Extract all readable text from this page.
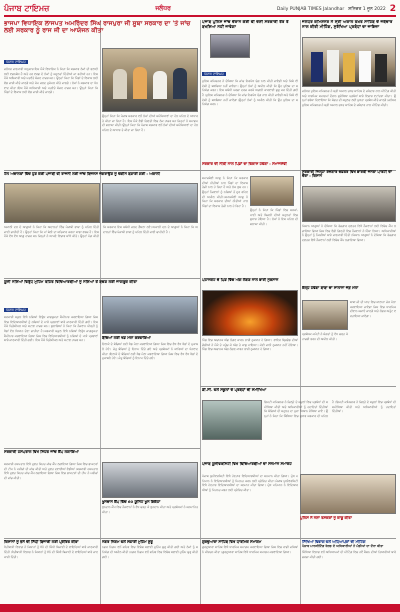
ਪੰਜਾਬ ਟਾਇਮਜ਼	ਜਲੰਧਰ	Daily PUNJAB TIMES Jalandhar ਸ਼ਨਿਚਰ 1 ਜੂਨ 2022 2
ਭਾਜਪਾ ਵਿਧਾਇਕ ਲਾਜਪਤ ਅਮਰਿੰਦਰ ਸਿੰਘ ਰਾਜਪੁਰਾ ਜੀ ਸੂਬਾ ਸਰਕਾਰ ਦਾ 'ਤੇ ਜਾਂਚ ਲਈ ਸਰਕਾਰ ਨੂੰ ਰਾਜ ਜੀ ਦਾ ਆਯੋਜਨ ਕੀਤਾ
ਪੰਜਾਬ ਟਾਇਮਜ਼
ਜਲੰਧਰ ਜਾਣਕਾਰੀ ਅਨੁਸਾਰ ਇਸ ਮੌਕੇ ਵਿਧਾਇਕ ਨੇ ਕਿਹਾ ਕਿ ਸਰਕਾਰ ਲੋਕਾਂ ਦੀ ਭਲਾਈ ਲਈ ਵਚਨਬੱਧ ਹੈ ਅਤੇ ਹਰ ਵਰਗ ਦੇ ਲੋਕਾਂ ਨੂੰ ਸਹੂਲਤਾਂ ਦਿੱਤੀਆਂ ਜਾ ਰਹੀਆਂ ਹਨ। ਇਸ ਮੌਕੇ ਅਧਿਕਾਰੀ ਅਤੇ ਪਤਵੰਤੇ ਸੱਜਣ ਹਾਜ਼ਰ ਸਨ। ਉਨ੍ਹਾਂ ਕਿਹਾ ਕਿ ਪਿੰਡਾਂ ਦੇ ਵਿਕਾਸ ਲਈ ਫੰਡ ਜਾਰੀ ਕੀਤੇ ਜਾਣਗੇ ਅਤੇ ਕੰਮ ਜਲਦ ਮੁਕੰਮਲ ਕੀਤੇ ਜਾਣਗੇ। ਲੋਕਾਂ ਨੇ ਸਰਕਾਰ ਦਾ ਧੰਨਵਾਦ ਕੀਤਾ।ਇਸ ਮੌਕੇ ਅਧਿਕਾਰੀ ਅਤੇ ਪਤਵੰਤੇ ਸੱਜਣ ਹਾਜ਼ਰ ਸਨ। ਉਨ੍ਹਾਂ ਕਿਹਾ ਕਿ ਪਿੰਡਾਂ ਦੇ ਵਿਕਾਸ ਲਈ ਫੰਡ ਜਾਰੀ ਕੀਤੇ ਜਾਣਗੇ।
ਉਨ੍ਹਾਂ ਕਿਹਾ ਕਿ ਪੰਜਾਬ ਸਰਕਾਰ ਵਲੋਂ ਲੋਕਾਂ ਦੀਆਂ ਸਮੱਸਿਆਵਾਂ ਦਾ ਹੱਲ ਪਹਿਲ ਦੇ ਆਧਾਰ ਤੇ ਕੀਤਾ ਜਾ ਰਿਹਾ ਹੈ। ਇਸ ਮੌਕੇ ਵੱਡੀ ਗਿਣਤੀ ਵਿਚ ਲੋਕ ਹਾਜ਼ਰ ਸਨ ਜਿਨ੍ਹਾਂ ਨੇ ਸਮਾਗਮ ਦੀ ਸ਼ਲਾਘਾ ਕੀਤੀ।ਉਨ੍ਹਾਂ ਕਿਹਾ ਕਿ ਪੰਜਾਬ ਸਰਕਾਰ ਵਲੋਂ ਲੋਕਾਂ ਦੀਆਂ ਸਮੱਸਿਆਵਾਂ ਦਾ ਹੱਲ ਪਹਿਲ ਦੇ ਆਧਾਰ ਤੇ ਕੀਤਾ ਜਾ ਰਿਹਾ ਹੈ।
ਪੰਜਾਬ ਪੁਲਿਸ ਜਾਂਚ ਦੌਰਾਨ ਕੋਈ ਵੀ ਦੋਸ਼ੀ ਸਰਕਾਰੀ ਤੌਰ ਤੇ ਬਖਸ਼ਿਆ ਨਹੀਂ ਜਾਵੇਗਾ
ਪੰਜਾਬ ਟਾਇਮਜ਼
ਪੁਲਿਸ ਕਮਿਸ਼ਨਰ ਨੇ ਦੱਸਿਆ ਕਿ ਜਾਂਚ ਨਿਰਪੱਖ ਢੰਗ ਨਾਲ ਕੀਤੀ ਜਾਵੇਗੀ ਅਤੇ ਕਿਸੇ ਵੀ ਦੋਸ਼ੀ ਨੂੰ ਬਖਸ਼ਿਆ ਨਹੀਂ ਜਾਵੇਗਾ। ਉਨ੍ਹਾਂ ਲੋਕਾਂ ਨੂੰ ਅਪੀਲ ਕੀਤੀ ਕਿ ਉਹ ਪੁਲਿਸ ਦਾ ਸਹਿਯੋਗ ਕਰਨ। ਇਸ ਸਬੰਧੀ ਪਰਚਾ ਦਰਜ ਕਰਕੇ ਅਗਲੀ ਕਾਰਵਾਈ ਸ਼ੁਰੂ ਕਰ ਦਿੱਤੀ ਗਈ ਹੈ।ਪੁਲਿਸ ਕਮਿਸ਼ਨਰ ਨੇ ਦੱਸਿਆ ਕਿ ਜਾਂਚ ਨਿਰਪੱਖ ਢੰਗ ਨਾਲ ਕੀਤੀ ਜਾਵੇਗੀ ਅਤੇ ਕਿਸੇ ਵੀ ਦੋਸ਼ੀ ਨੂੰ ਬਖਸ਼ਿਆ ਨਹੀਂ ਜਾਵੇਗਾ।ਉਨ੍ਹਾਂ ਲੋਕਾਂ ਨੂੰ ਅਪੀਲ ਕੀਤੀ ਕਿ ਉਹ ਪੁਲਿਸ ਦਾ ਸਹਿਯੋਗ ਕਰਨ।
ਜਲੰਧਰ ਕਮਿਸ਼ਨਰ ਨੇ ਸ੍ਰੀ ਅਕਾਲ ਤਖ਼ਤ ਸਾਹਿਬ ਦੇ ਜਥੇਦਾਰ ਨਾਲ ਕੀਤੀ ਮੀਟਿੰਗ, ਸੁਰੱਖਿਆ ਪ੍ਰਬੰਧਾਂ ਦਾ ਜਾਇਜ਼ਾ
ਜਲੰਧਰ ਪੁਲਿਸ ਕਮਿਸ਼ਨਰ ਨੇ ਸ੍ਰੀ ਅਕਾਲ ਤਖ਼ਤ ਸਾਹਿਬ ਦੇ ਜਥੇਦਾਰ ਨਾਲ ਮੀਟਿੰਗ ਕੀਤੀ ਅਤੇ ਧਾਰਮਿਕ ਸਮਾਗਮਾਂ ਦੌਰਾਨ ਸੁਰੱਖਿਆ ਪ੍ਰਬੰਧਾਂ ਬਾਰੇ ਵਿਚਾਰ ਵਟਾਂਦਰਾ ਕੀਤਾ। ਉਨ੍ਹਾਂ ਭਰੋਸਾ ਦਿਵਾਇਆ ਕਿ ਸੰਗਤ ਦੀ ਸਹੂਲਤ ਲਈ ਪੁਖਤਾ ਪ੍ਰਬੰਧ ਕੀਤੇ ਜਾਣਗੇ।ਜਲੰਧਰ ਪੁਲਿਸ ਕਮਿਸ਼ਨਰ ਨੇ ਸ੍ਰੀ ਅਕਾਲ ਤਖ਼ਤ ਸਾਹਿਬ ਦੇ ਜਥੇਦਾਰ ਨਾਲ ਮੀਟਿੰਗ ਕੀਤੀ।
ਟੱਲ ਅਦਾਲਤਾਂ ਵਿੱਚ ਹੁਣ ਕੋਈ ਪੰਜਾਬੀ ਵੀ ਰਾਜਨੀ ਲਈ ਜਾਂਚ ਬਿਜਨਸ ਜਗਰਾਉਣ ਨੂੰ ਚੰਗੀਨ ਬਣਾਈ ਗਈ : ਅਕਾਲੀ
ਅਕਾਲੀ ਦਲ ਦੇ ਆਗੂਆਂ ਨੇ ਕਿਹਾ ਕਿ ਅਦਾਲਤਾਂ ਵਿੱਚ ਪੰਜਾਬੀ ਭਾਸ਼ਾ ਨੂੰ ਪਹਿਲ ਦਿੱਤੀ ਜਾਣੀ ਚਾਹੀਦੀ ਹੈ। ਉਨ੍ਹਾਂ ਕਿਹਾ ਕਿ ਮਾਂ ਬੋਲੀ ਦਾ ਸਤਿਕਾਰ ਕਰਨਾ ਸਾਡਾ ਫਰਜ਼ ਹੈ। ਇਸ ਮੌਕੇ ਵੱਖ ਵੱਖ ਆਗੂ ਹਾਜ਼ਰ ਸਨ ਜਿਨ੍ਹਾਂ ਨੇ ਆਪਣੇ ਵਿਚਾਰ ਸਾਂਝੇ ਕੀਤੇ। ਉਨ੍ਹਾਂ ਮੰਗ ਕੀਤੀ ਕਿ ਸਰਕਾਰ ਇਸ ਸਬੰਧੀ ਜਲਦ ਫ਼ੈਸਲਾ ਲਵੇ।ਅਕਾਲੀ ਦਲ ਦੇ ਆਗੂਆਂ ਨੇ ਕਿਹਾ ਕਿ ਅਦਾਲਤਾਂ ਵਿੱਚ ਪੰਜਾਬੀ ਭਾਸ਼ਾ ਨੂੰ ਪਹਿਲ ਦਿੱਤੀ ਜਾਣੀ ਚਾਹੀਦੀ ਹੈ।
ਸਰਕਾਰ ਦੀ ਨੀਤੀ ਨਾਲ ਪਿੰਡਾਂ ਦਾ ਵਿਕਾਸ ਹੋਵੇਗਾ : ਸਮਾਜਸੇਵੀ
ਸਮਾਜਸੇਵੀ ਆਗੂ ਨੇ ਕਿਹਾ ਕਿ ਸਰਕਾਰ ਦੀਆਂ ਨੀਤੀਆਂ ਨਾਲ ਪਿੰਡਾਂ ਦਾ ਵਿਕਾਸ ਤੇਜ਼ੀ ਨਾਲ ਹੋ ਰਿਹਾ ਹੈ ਅਤੇ ਲੋਕ ਖੁਸ਼ ਹਨ। ਉਨ੍ਹਾਂ ਨੌਜਵਾਨਾਂ ਨੂੰ ਨਸ਼ਿਆਂ ਤੋਂ ਦੂਰ ਰਹਿਣ ਦੀ ਅਪੀਲ ਕੀਤੀ।ਸਮਾਜਸੇਵੀ ਆਗੂ ਨੇ ਕਿਹਾ ਕਿ ਸਰਕਾਰ ਦੀਆਂ ਨੀਤੀਆਂ ਨਾਲ ਪਿੰਡਾਂ ਦਾ ਵਿਕਾਸ ਤੇਜ਼ੀ ਨਾਲ ਹੋ ਰਿਹਾ ਹੈ।
ਉਨ੍ਹਾਂ ਨੇ ਕਿਹਾ ਕਿ ਪਿੰਡਾਂ ਵਿਚ ਸੜਕਾਂ, ਪਾਣੀ ਅਤੇ ਬਿਜਲੀ ਦੀਆਂ ਸਹੂਲਤਾਂ ਵਿਚ ਸੁਧਾਰ ਹੋਇਆ ਹੈ। ਲੋਕਾਂ ਨੇ ਇਸ ਪਹਿਲ ਦੀ ਸ਼ਲਾਘਾ ਕੀਤੀ।
ਸਰਕਾਰੀ ਜਿਲ੍ਹਾ ਰੋਜ਼ਗਾਰ ਦਫ਼ਤਰ ਵਿਖੇ ਭਾਰਤੀ ਜਨਤਾ ਪਾਰਟੀ ਦਾ ਦੌਰਾ : ਕਿਸਾਨ
ਕਿਸਾਨ ਆਗੂਆਂ ਨੇ ਦੱਸਿਆ ਕਿ ਰੋਜ਼ਗਾਰ ਦਫ਼ਤਰ ਵਿਖੇ ਨੌਜਵਾਨਾਂ ਲਈ ਵਿਸ਼ੇਸ਼ ਕੈਂਪ ਲਗਾਇਆ ਗਿਆ ਜਿਸ ਵਿਚ ਵੱਡੀ ਗਿਣਤੀ ਵਿਚ ਨੌਜਵਾਨਾਂ ਨੇ ਹਿੱਸਾ ਲਿਆ। ਅਧਿਕਾਰੀਆਂ ਨੇ ਉਨ੍ਹਾਂ ਨੂੰ ਨੌਕਰੀਆਂ ਬਾਰੇ ਜਾਣਕਾਰੀ ਦਿੱਤੀ।ਕਿਸਾਨ ਆਗੂਆਂ ਨੇ ਦੱਸਿਆ ਕਿ ਰੋਜ਼ਗਾਰ ਦਫ਼ਤਰ ਵਿਖੇ ਨੌਜਵਾਨਾਂ ਲਈ ਵਿਸ਼ੇਸ਼ ਕੈਂਪ ਲਗਾਇਆ ਗਿਆ।
ਯੂਨੀ ਨਸ਼ਿਆਂ ਵਿਰੁੱਧ ਮੁਹਿੰਮ ਤਹਿਤ ਵਿਦਿਆਰਥੀਆਂ ਨੂੰ ਨਸ਼ਿਆਂ ਤੋਂ ਬਚਣ ਲਈ ਜਾਗਰੂਕ ਕੀਤਾ
ਪੰਜਾਬ ਟਾਇਮਜ਼
ਸਰਕਾਰੀ ਸਕੂਲ ਵਿਖੇ ਨਸ਼ਿਆਂ ਵਿਰੁੱਧ ਜਾਗਰੂਕਤਾ ਸੈਮੀਨਾਰ ਕਰਵਾਇਆ ਗਿਆ ਜਿਸ ਵਿਚ ਵਿਦਿਆਰਥੀਆਂ ਨੂੰ ਨਸ਼ਿਆਂ ਦੇ ਮਾੜੇ ਪ੍ਰਭਾਵਾਂ ਬਾਰੇ ਜਾਣਕਾਰੀ ਦਿੱਤੀ ਗਈ। ਇਸ ਮੌਕੇ ਪ੍ਰਿੰਸੀਪਲ ਅਤੇ ਸਟਾਫ਼ ਹਾਜ਼ਰ ਸਨ। ਬੁਲਾਰਿਆਂ ਨੇ ਕਿਹਾ ਕਿ ਨੌਜਵਾਨ ਪੀੜ੍ਹੀ ਨੂੰ ਖੇਡਾਂ ਵੱਲ ਧਿਆਨ ਦੇਣਾ ਚਾਹੀਦਾ ਹੈ।ਸਰਕਾਰੀ ਸਕੂਲ ਵਿਖੇ ਨਸ਼ਿਆਂ ਵਿਰੁੱਧ ਜਾਗਰੂਕਤਾ ਸੈਮੀਨਾਰ ਕਰਵਾਇਆ ਗਿਆ ਜਿਸ ਵਿਚ ਵਿਦਿਆਰਥੀਆਂ ਨੂੰ ਨਸ਼ਿਆਂ ਦੇ ਮਾੜੇ ਪ੍ਰਭਾਵਾਂ ਬਾਰੇ ਜਾਣਕਾਰੀ ਦਿੱਤੀ ਗਈ। ਇਸ ਮੌਕੇ ਪ੍ਰਿੰਸੀਪਲ ਅਤੇ ਸਟਾਫ਼ ਹਾਜ਼ਰ ਸਨ।
ਬੱਚਿਆਂ ਲਈ ਖੇਡ ਮੇਲਾ ਕਰਵਾਇਆ
ਇਲਾਕੇ ਦੇ ਬੱਚਿਆਂ ਲਈ ਖੇਡ ਮੇਲਾ ਕਰਵਾਇਆ ਗਿਆ ਜਿਸ ਵਿਚ ਵੱਖ ਵੱਖ ਖੇਡਾਂ ਦੇ ਮੁਕਾਬਲੇ ਹੋਏ। ਜੇਤੂ ਬੱਚਿਆਂ ਨੂੰ ਇਨਾਮ ਦਿੱਤੇ ਗਏ ਅਤੇ ਪ੍ਰਬੰਧਕਾਂ ਨੇ ਸਾਰਿਆਂ ਦਾ ਧੰਨਵਾਦ ਕੀਤਾ।ਇਲਾਕੇ ਦੇ ਬੱਚਿਆਂ ਲਈ ਖੇਡ ਮੇਲਾ ਕਰਵਾਇਆ ਗਿਆ ਜਿਸ ਵਿਚ ਵੱਖ ਵੱਖ ਖੇਡਾਂ ਦੇ ਮੁਕਾਬਲੇ ਹੋਏ। ਜੇਤੂ ਬੱਚਿਆਂ ਨੂੰ ਇਨਾਮ ਦਿੱਤੇ ਗਏ।
ਪਠਾਨਕੋਟ ਦੇ ਪਿੰਡ ਵਿੱਚ ਅੱਗ ਲੱਗਣ ਨਾਲ ਭਾਰੀ ਨੁਕਸਾਨ
ਪਿੰਡ ਵਿਚ ਅਚਾਨਕ ਅੱਗ ਲੱਗਣ ਕਾਰਨ ਭਾਰੀ ਨੁਕਸਾਨ ਹੋ ਗਿਆ। ਫਾਇਰ ਬ੍ਰਿਗੇਡ ਦੀਆਂ ਗੱਡੀਆਂ ਨੇ ਮੌਕੇ ਤੇ ਪਹੁੰਚ ਕੇ ਅੱਗ ਤੇ ਕਾਬੂ ਪਾਇਆ। ਕੋਈ ਜਾਨੀ ਨੁਕਸਾਨ ਨਹੀਂ ਹੋਇਆ।ਪਿੰਡ ਵਿਚ ਅਚਾਨਕ ਅੱਗ ਲੱਗਣ ਕਾਰਨ ਭਾਰੀ ਨੁਕਸਾਨ ਹੋ ਗਿਆ।
ਕੱਲ੍ਹ ਹੋਵੇਗਾ ਬਾਬਾ ਦਾ ਸਾਲਾਨਾ ਜੋੜ ਮੇਲਾ
ਬਾਬਾ ਜੀ ਦੀ ਯਾਦ ਵਿਚ ਸਾਲਾਨਾ ਜੋੜ ਮੇਲਾ ਕਰਵਾਇਆ ਜਾਵੇਗਾ ਜਿਸ ਵਿਚ ਧਾਰਮਿਕ ਦੀਵਾਨ ਸਜਾਏ ਜਾਣਗੇ ਅਤੇ ਲੰਗਰ ਅਤੁੱਟ ਵਰਤਾਇਆ ਜਾਵੇਗਾ।
ਪ੍ਰਬੰਧਕ ਕਮੇਟੀ ਨੇ ਸੰਗਤਾਂ ਨੂੰ ਵੱਧ ਚੜ੍ਹ ਕੇ ਹਾਜ਼ਰੀ ਭਰਨ ਦੀ ਅਪੀਲ ਕੀਤੀ।
ਡੀ.ਸੀ. ਵਲੋਂ ਸਕੂਲਾਂ ਦੇ ਪ੍ਰਬੰਧਾਂ ਦੀ ਸਮੀਖਿਆ
ਡਿਪਟੀ ਕਮਿਸ਼ਨਰ ਨੇ ਜ਼ਿਲ੍ਹੇ ਦੇ ਸਕੂਲਾਂ ਵਿਚ ਪ੍ਰਬੰਧਾਂ ਦੀ ਸਮੀਖਿਆ ਕੀਤੀ ਅਤੇ ਅਧਿਕਾਰੀਆਂ ਨੂੰ ਹਦਾਇਤਾਂ ਦਿੱਤੀਆਂ ਕਿ ਬੱਚਿਆਂ ਦੀ ਸਹੂਲਤ ਦਾ ਪੂਰਾ ਧਿਆਨ ਰੱਖਿਆ ਜਾਵੇ। ਉਨ੍ਹਾਂ ਨੇ ਕਿਹਾ ਕਿ ਸਿੱਖਿਆ ਵਿਚ ਸੁਧਾਰ ਸਰਕਾਰ ਦੀ ਪਹਿਲ ਹੈ।ਡਿਪਟੀ ਕਮਿਸ਼ਨਰ ਨੇ ਜ਼ਿਲ੍ਹੇ ਦੇ ਸਕੂਲਾਂ ਵਿਚ ਪ੍ਰਬੰਧਾਂ ਦੀ ਸਮੀਖਿਆ ਕੀਤੀ ਅਤੇ ਅਧਿਕਾਰੀਆਂ ਨੂੰ ਹਦਾਇਤਾਂ ਦਿੱਤੀਆਂ।
ਸਰਕਾਰੀ ਹਸਪਤਾਲ ਵਿਖੇ ਸਿਹਤ ਜਾਂਚ ਕੈਂਪ ਲਗਾਇਆ
ਸਰਕਾਰੀ ਹਸਪਤਾਲ ਵਿਖੇ ਮੁਫ਼ਤ ਸਿਹਤ ਜਾਂਚ ਕੈਂਪ ਲਗਾਇਆ ਗਿਆ ਜਿਸ ਵਿਚ ਡਾਕਟਰਾਂ ਦੀ ਟੀਮ ਨੇ ਮਰੀਜ਼ਾਂ ਦੀ ਜਾਂਚ ਕੀਤੀ ਅਤੇ ਮੁਫ਼ਤ ਦਵਾਈਆਂ ਵੰਡੀਆਂ।ਸਰਕਾਰੀ ਹਸਪਤਾਲ ਵਿਖੇ ਮੁਫ਼ਤ ਸਿਹਤ ਜਾਂਚ ਕੈਂਪ ਲਗਾਇਆ ਗਿਆ ਜਿਸ ਵਿਚ ਡਾਕਟਰਾਂ ਦੀ ਟੀਮ ਨੇ ਮਰੀਜ਼ਾਂ ਦੀ ਜਾਂਚ ਕੀਤੀ।
ਖੂਨਦਾਨ ਕੈਂਪ ਵਿੱਚ 60 ਯੂਨਿਟ ਖੂਨ ਇਕੱਠਾ
ਖੂਨਦਾਨ ਕੈਂਪ ਵਿਚ ਨੌਜਵਾਨਾਂ ਨੇ ਵੱਧ ਚੜ੍ਹ ਕੇ ਖੂਨਦਾਨ ਕੀਤਾ ਅਤੇ ਪ੍ਰਬੰਧਕਾਂ ਨੇ ਸਨਮਾਨਿਤ ਕੀਤਾ।
ਪੰਜਾਬ ਯੂਨੀਵਰਸਿਟੀ ਵਿਖੇ ਵਿਦਿਆਰਥੀਆਂ ਦਾ ਸਨਮਾਨ ਸਮਾਰੋਹ
ਪੰਜਾਬ ਯੂਨੀਵਰਸਿਟੀ ਵਿਖੇ ਹੋਣਹਾਰ ਵਿਦਿਆਰਥੀਆਂ ਦਾ ਸਨਮਾਨ ਕੀਤਾ ਗਿਆ। ਮੁੱਖ ਮਹਿਮਾਨ ਨੇ ਵਿਦਿਆਰਥੀਆਂ ਨੂੰ ਮਿਹਨਤ ਕਰਨ ਲਈ ਪ੍ਰੇਰਿਤ ਕੀਤਾ।ਪੰਜਾਬ ਯੂਨੀਵਰਸਿਟੀ ਵਿਖੇ ਹੋਣਹਾਰ ਵਿਦਿਆਰਥੀਆਂ ਦਾ ਸਨਮਾਨ ਕੀਤਾ ਗਿਆ। ਮੁੱਖ ਮਹਿਮਾਨ ਨੇ ਵਿਦਿਆਰਥੀਆਂ ਨੂੰ ਮਿਹਨਤ ਕਰਨ ਲਈ ਪ੍ਰੇਰਿਤ ਕੀਤਾ।
ਪੁਲਿਸ ਨੇ ਨਸ਼ਾ ਤਸਕਰਾਂ ਨੂੰ ਕਾਬੂ ਕੀਤਾ
ਕਿਸਾਨਾਂ ਨੂੰ ਝੋਨੇ ਦੀ ਸਿੱਧੀ ਬਿਜਾਈ ਲਈ ਪ੍ਰੇਰਿਤ ਕੀਤਾ
ਖੇਤੀਬਾੜੀ ਵਿਭਾਗ ਨੇ ਕਿਸਾਨਾਂ ਨੂੰ ਝੋਨੇ ਦੀ ਸਿੱਧੀ ਬਿਜਾਈ ਦੇ ਫਾਇਦਿਆਂ ਬਾਰੇ ਜਾਣਕਾਰੀ ਦਿੱਤੀ।ਖੇਤੀਬਾੜੀ ਵਿਭਾਗ ਨੇ ਕਿਸਾਨਾਂ ਨੂੰ ਝੋਨੇ ਦੀ ਸਿੱਧੀ ਬਿਜਾਈ ਦੇ ਫਾਇਦਿਆਂ ਬਾਰੇ ਜਾਣਕਾਰੀ ਦਿੱਤੀ।
ਨਗਰ ਨਿਗਮ ਵਲੋਂ ਸਫ਼ਾਈ ਮੁਹਿੰਮ ਸ਼ੁਰੂ
ਨਗਰ ਨਿਗਮ ਵਲੋਂ ਸ਼ਹਿਰ ਵਿਚ ਵਿਸ਼ੇਸ਼ ਸਫ਼ਾਈ ਮੁਹਿੰਮ ਸ਼ੁਰੂ ਕੀਤੀ ਗਈ ਅਤੇ ਲੋਕਾਂ ਨੂੰ ਸਹਿਯੋਗ ਦੀ ਅਪੀਲ ਕੀਤੀ।ਨਗਰ ਨਿਗਮ ਵਲੋਂ ਸ਼ਹਿਰ ਵਿਚ ਵਿਸ਼ੇਸ਼ ਸਫ਼ਾਈ ਮੁਹਿੰਮ ਸ਼ੁਰੂ ਕੀਤੀ ਗਈ।
ਗੁਰਦੁਆਰਾ ਸਾਹਿਬ ਵਿਖੇ ਧਾਰਮਿਕ ਸਮਾਗਮ
ਗੁਰਦੁਆਰਾ ਸਾਹਿਬ ਵਿਖੇ ਧਾਰਮਿਕ ਸਮਾਗਮ ਕਰਵਾਇਆ ਗਿਆ ਜਿਸ ਵਿਚ ਰਾਗੀ ਜਥਿਆਂ ਨੇ ਕੀਰਤਨ ਕੀਤਾ।ਗੁਰਦੁਆਰਾ ਸਾਹਿਬ ਵਿਖੇ ਧਾਰਮਿਕ ਸਮਾਗਮ ਕਰਵਾਇਆ ਗਿਆ।
ਸਿੱਖਿਆ ਵਿਭਾਗ ਵਲੋਂ ਅਧਿਆਪਕਾਂ ਦੀ ਮੀਟਿੰਗ
ਪੰਜਾਬ ਮਾਰਕੀਟਿੰਗ ਬੋਰਡ ਦੇ ਅਧਿਕਾਰੀਆਂ ਨੇ ਮੰਡੀਆਂ ਦਾ ਦੌਰਾ ਕੀਤਾ
ਸਿੱਖਿਆ ਵਿਭਾਗ ਵਲੋਂ ਅਧਿਆਪਕਾਂ ਦੀ ਮੀਟਿੰਗ ਵਿਚ ਨਵੇਂ ਸੈਸ਼ਨ ਦੀਆਂ ਤਿਆਰੀਆਂ ਬਾਰੇ ਚਰਚਾ ਕੀਤੀ ਗਈ।
